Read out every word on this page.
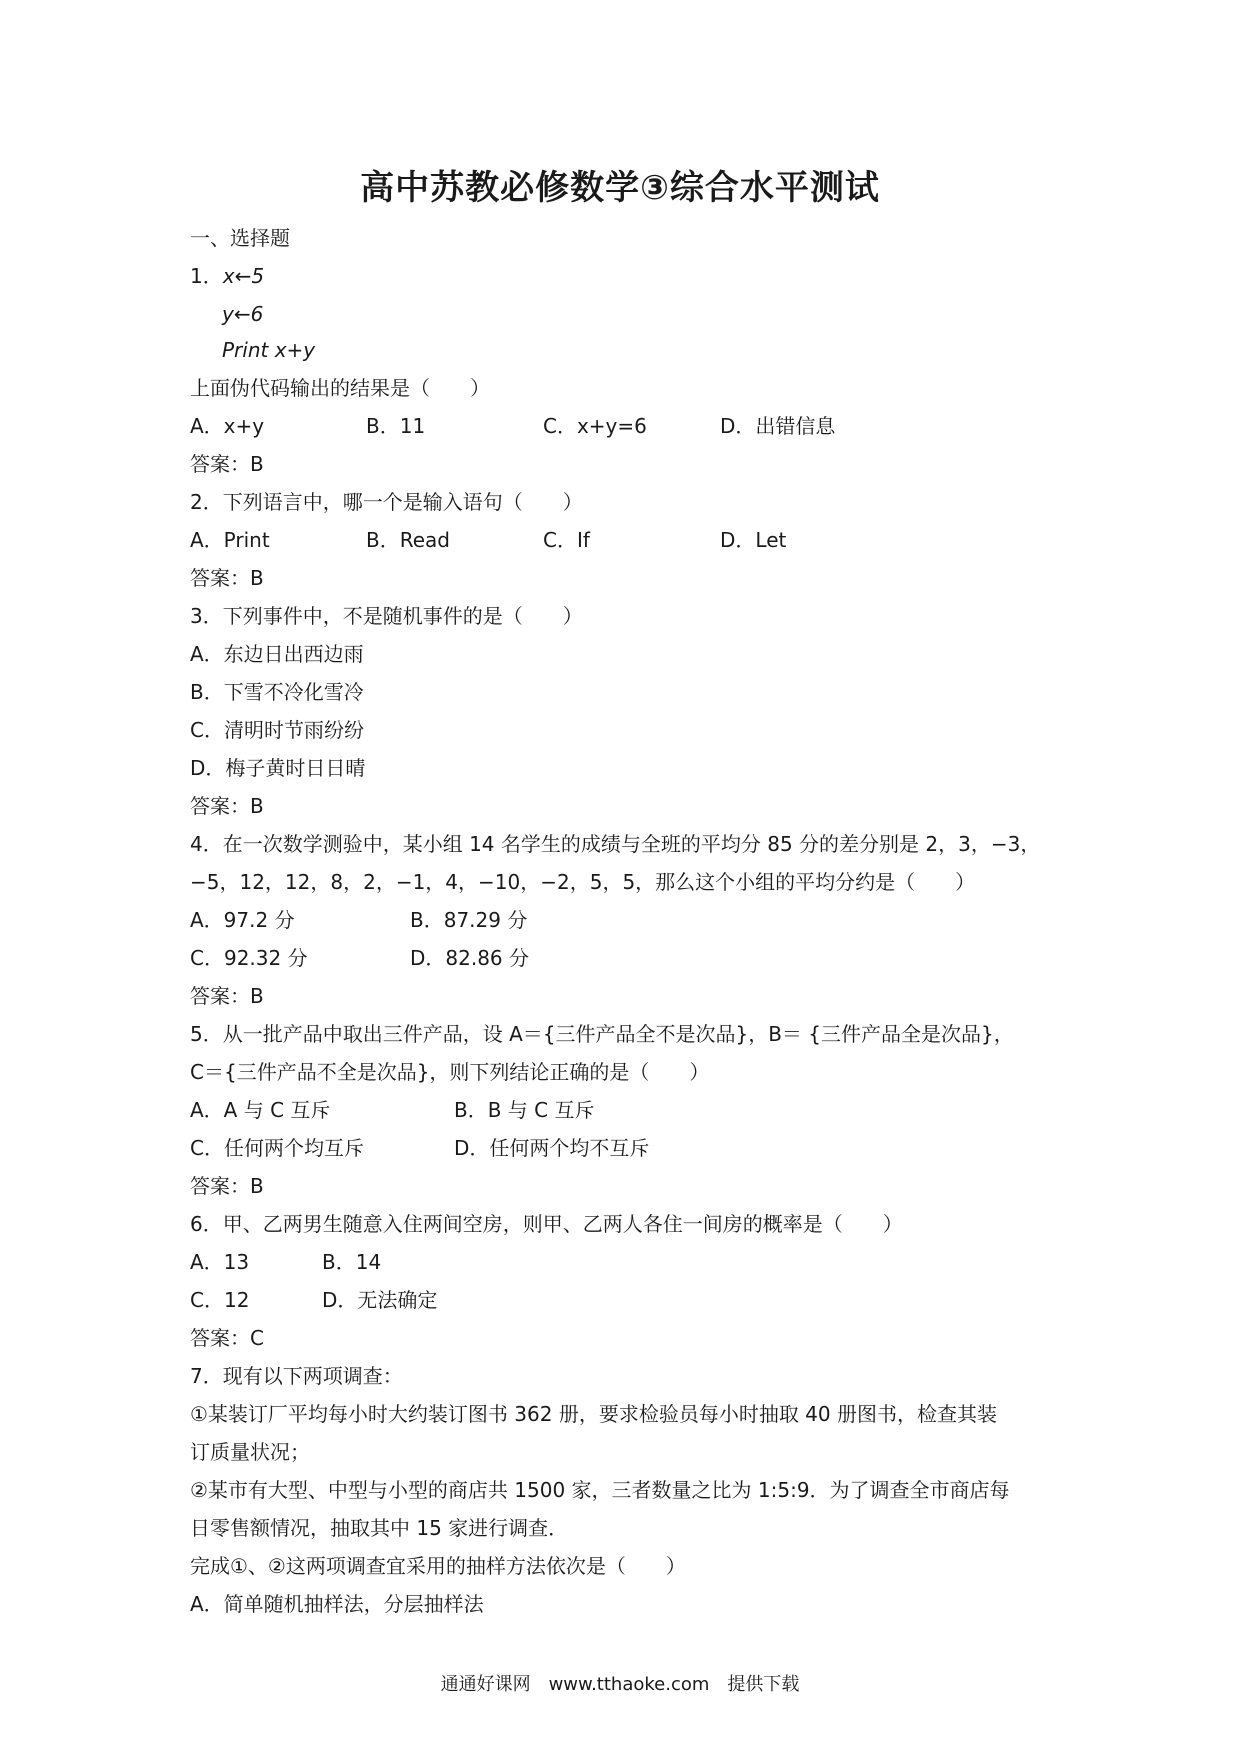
高中苏教必修数学③综合水平测试
一、选择题
1．x←5
y←6
Print x+y
上面伪代码输出的结果是（　　）
A．x+y	B．11	C．x+y=6	D．出错信息
答案：B
2．下列语言中，哪一个是输入语句（　　）
A．Print	B．Read	C．If	D．Let
答案：B
3．下列事件中，不是随机事件的是（　　）
A．东边日出西边雨
B．下雪不冷化雪冷
C．清明时节雨纷纷
D．梅子黄时日日晴
答案：B
4．在一次数学测验中，某小组 14 名学生的成绩与全班的平均分 85 分的差分别是 2，3，−3，
−5，12，12，8，2，−1，4，−10，−2，5，5，那么这个小组的平均分约是（　　）
A．97.2 分	B．87.29 分
C．92.32 分	D．82.86 分
答案：B
5．从一批产品中取出三件产品，设 A＝{三件产品全不是次品}，B＝ {三件产品全是次品}，
C＝{三件产品不全是次品}，则下列结论正确的是（　　）
A．A 与 C 互斥	B．B 与 C 互斥
C．任何两个均互斥	D．任何两个均不互斥
答案：B
6．甲、乙两男生随意入住两间空房，则甲、乙两人各住一间房的概率是（　　）
A．13	B．14
C．12	D．无法确定
答案：C
7．现有以下两项调查：
①某装订厂平均每小时大约装订图书 362 册，要求检验员每小时抽取 40 册图书，检查其装
订质量状况；
②某市有大型、中型与小型的商店共 1500 家，三者数量之比为 1:5:9．为了调查全市商店每
日零售额情况，抽取其中 15 家进行调查．
完成①、②这两项调查宜采用的抽样方法依次是（　　）
A．简单随机抽样法，分层抽样法
通通好课网　www.tthaoke.com　提供下载
